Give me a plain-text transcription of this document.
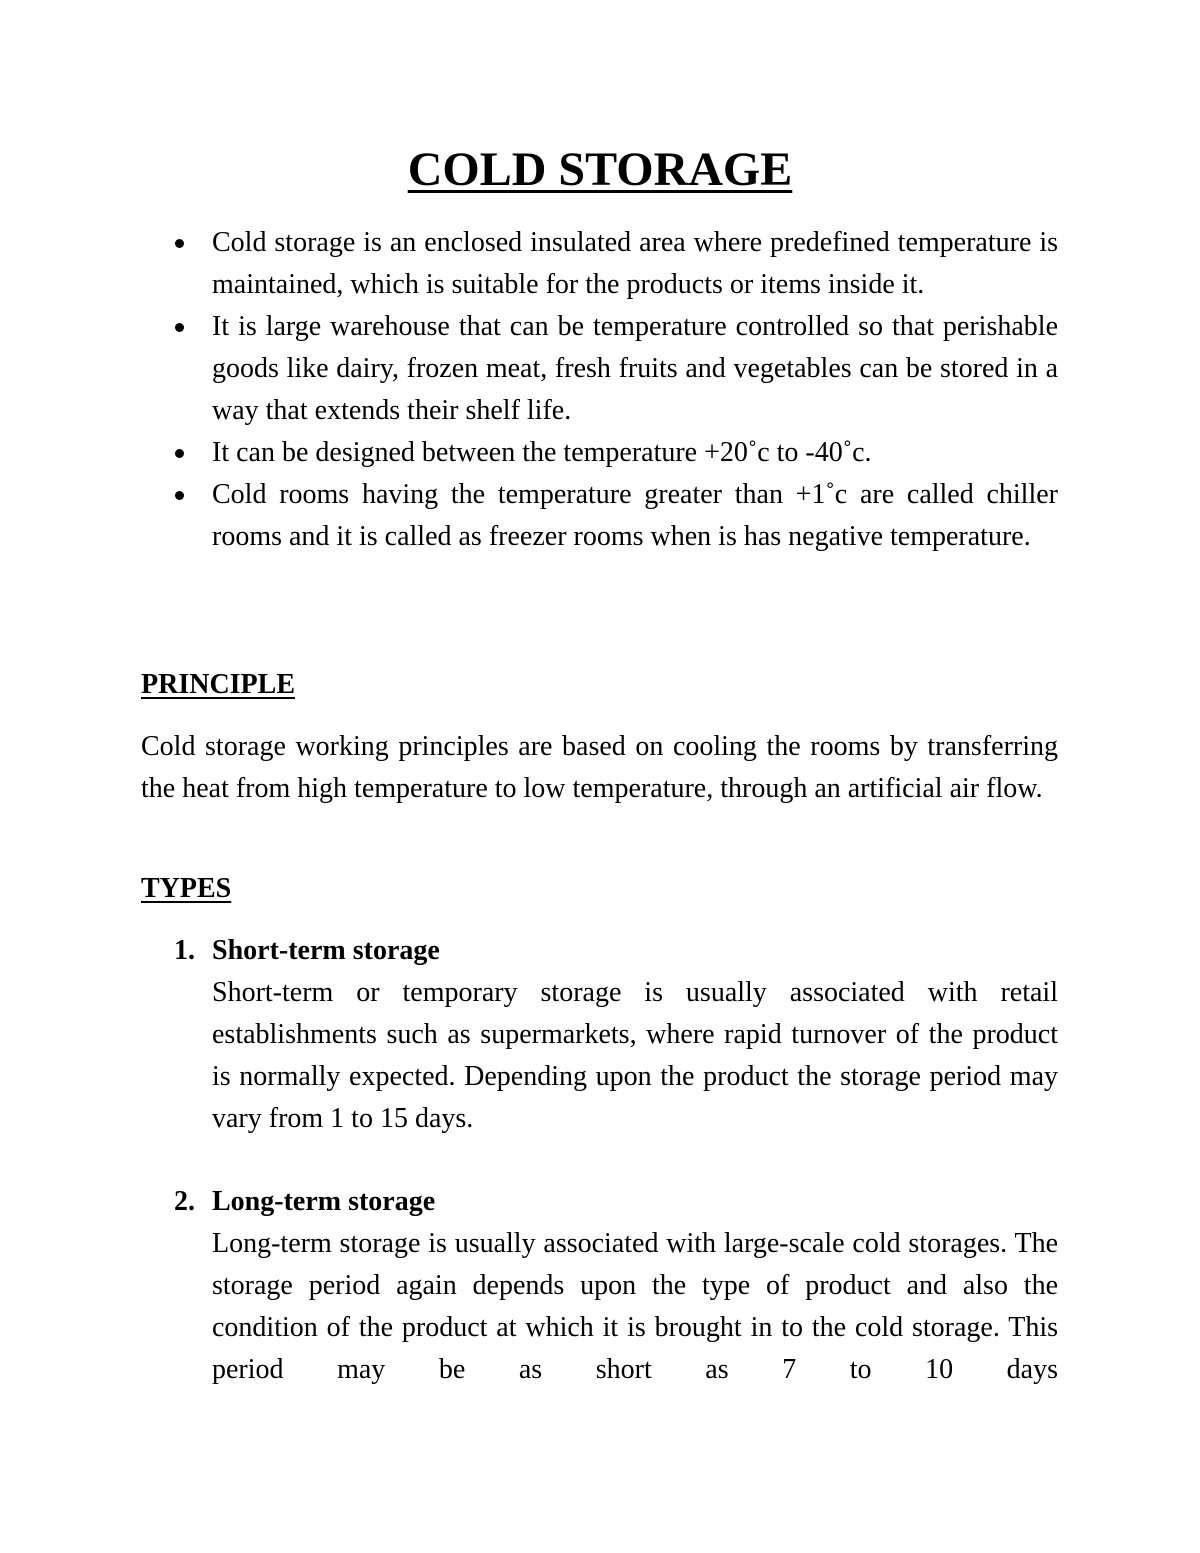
COLD STORAGE
Cold storage is an enclosed insulated area where predefined temperature is maintained, which is suitable for the products or items inside it.
It is large warehouse that can be temperature controlled so that perishable goods like dairy, frozen meat, fresh fruits and vegetables can be stored in a way that extends their shelf life.
It can be designed between the temperature +20˚c to -40˚c.
Cold rooms having the temperature greater than +1˚c are called chiller rooms and it is called as freezer rooms when is has negative temperature.
PRINCIPLE

Cold storage working principles are based on cooling the rooms by transferring the heat from high temperature to low temperature, through an artificial air flow.

TYPES
1. Short-term storage
Short-term or temporary storage is usually associated with retail establishments such as supermarkets, where rapid turnover of the product is normally expected. Depending upon the product the storage period may vary from 1 to 15 days.
2. Long-term storage
Long-term storage is usually associated with large-scale cold storages. The storage period again depends upon the type of product and also the condition of the product at which it is brought in to the cold storage. This period may be as short as 7 to 10 days
